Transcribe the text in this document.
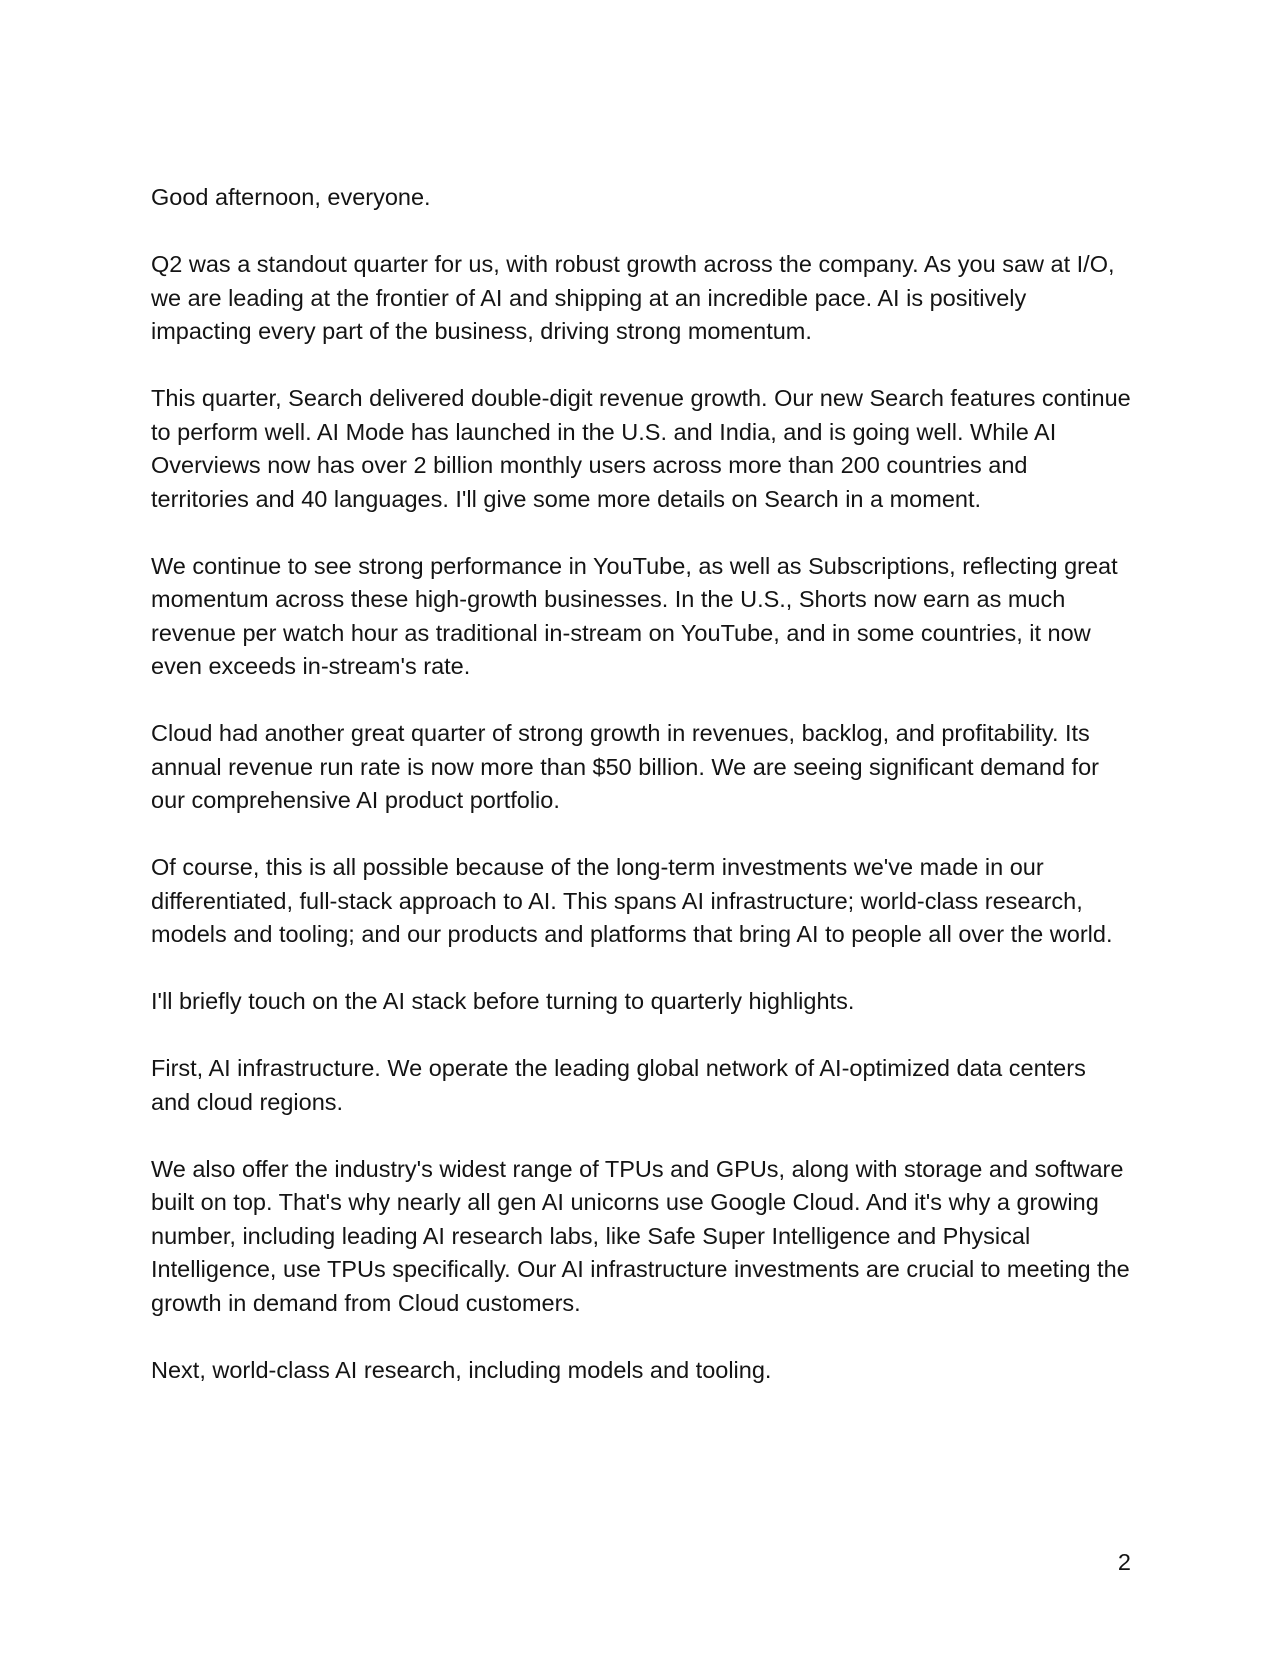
Good afternoon, everyone.

Q2 was a standout quarter for us, with robust growth across the company. As you saw at I/O, we are leading at the frontier of AI and shipping at an incredible pace. AI is positively impacting every part of the business, driving strong momentum.

This quarter, Search delivered double-digit revenue growth. Our new Search features continue to perform well. AI Mode has launched in the U.S. and India, and is going well. While AI Overviews now has over 2 billion monthly users across more than 200 countries and territories and 40 languages. I'll give some more details on Search in a moment.

We continue to see strong performance in YouTube, as well as Subscriptions, reflecting great momentum across these high-growth businesses. In the U.S., Shorts now earn as much revenue per watch hour as traditional in-stream on YouTube, and in some countries, it now even exceeds in-stream's rate.

Cloud had another great quarter of strong growth in revenues, backlog, and profitability. Its annual revenue run rate is now more than $50 billion. We are seeing significant demand for our comprehensive AI product portfolio.

Of course, this is all possible because of the long-term investments we've made in our differentiated, full-stack approach to AI. This spans AI infrastructure; world-class research, models and tooling; and our products and platforms that bring AI to people all over the world.

I'll briefly touch on the AI stack before turning to quarterly highlights.

First, AI infrastructure. We operate the leading global network of AI-optimized data centers and cloud regions.

We also offer the industry's widest range of TPUs and GPUs, along with storage and software built on top. That's why nearly all gen AI unicorns use Google Cloud. And it's why a growing number, including leading AI research labs, like Safe Super Intelligence and Physical Intelligence, use TPUs specifically. Our AI infrastructure investments are crucial to meeting the growth in demand from Cloud customers.

Next, world-class AI research, including models and tooling.

2
